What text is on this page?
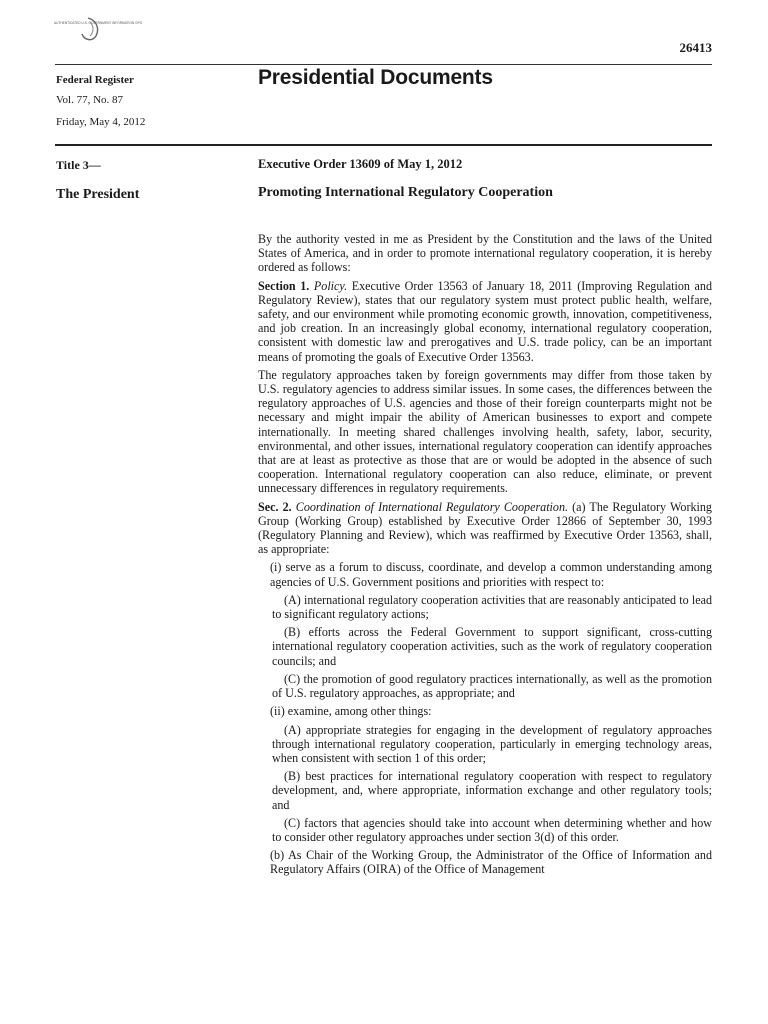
AUTHENTICATED U.S. GOVERNMENT INFORMATION GPO
26413
Federal Register
Vol. 77, No. 87
Friday, May 4, 2012
Presidential Documents
Title 3—
The President
Executive Order 13609 of May 1, 2012
Promoting International Regulatory Cooperation

By the authority vested in me as President by the Constitution and the laws of the United States of America, and in order to promote international regulatory cooperation, it is hereby ordered as follows:

Section 1. Policy. Executive Order 13563 of January 18, 2011 (Improving Regulation and Regulatory Review), states that our regulatory system must protect public health, welfare, safety, and our environment while promoting economic growth, innovation, competitiveness, and job creation. In an increasingly global economy, international regulatory cooperation, consistent with domestic law and prerogatives and U.S. trade policy, can be an important means of promoting the goals of Executive Order 13563.

The regulatory approaches taken by foreign governments may differ from those taken by U.S. regulatory agencies to address similar issues. In some cases, the differences between the regulatory approaches of U.S. agencies and those of their foreign counterparts might not be necessary and might impair the ability of American businesses to export and compete internationally. In meeting shared challenges involving health, safety, labor, security, environmental, and other issues, international regulatory cooperation can identify approaches that are at least as protective as those that are or would be adopted in the absence of such cooperation. International regulatory cooperation can also reduce, eliminate, or prevent unnecessary differences in regulatory requirements.

Sec. 2. Coordination of International Regulatory Cooperation. (a) The Regulatory Working Group (Working Group) established by Executive Order 12866 of September 30, 1993 (Regulatory Planning and Review), which was reaffirmed by Executive Order 13563, shall, as appropriate:

(i) serve as a forum to discuss, coordinate, and develop a common understanding among agencies of U.S. Government positions and priorities with respect to:

(A) international regulatory cooperation activities that are reasonably anticipated to lead to significant regulatory actions;

(B) efforts across the Federal Government to support significant, cross-cutting international regulatory cooperation activities, such as the work of regulatory cooperation councils; and

(C) the promotion of good regulatory practices internationally, as well as the promotion of U.S. regulatory approaches, as appropriate; and

(ii) examine, among other things:

(A) appropriate strategies for engaging in the development of regulatory approaches through international regulatory cooperation, particularly in emerging technology areas, when consistent with section 1 of this order;

(B) best practices for international regulatory cooperation with respect to regulatory development, and, where appropriate, information exchange and other regulatory tools; and

(C) factors that agencies should take into account when determining whether and how to consider other regulatory approaches under section 3(d) of this order.

(b) As Chair of the Working Group, the Administrator of the Office of Information and Regulatory Affairs (OIRA) of the Office of Management
